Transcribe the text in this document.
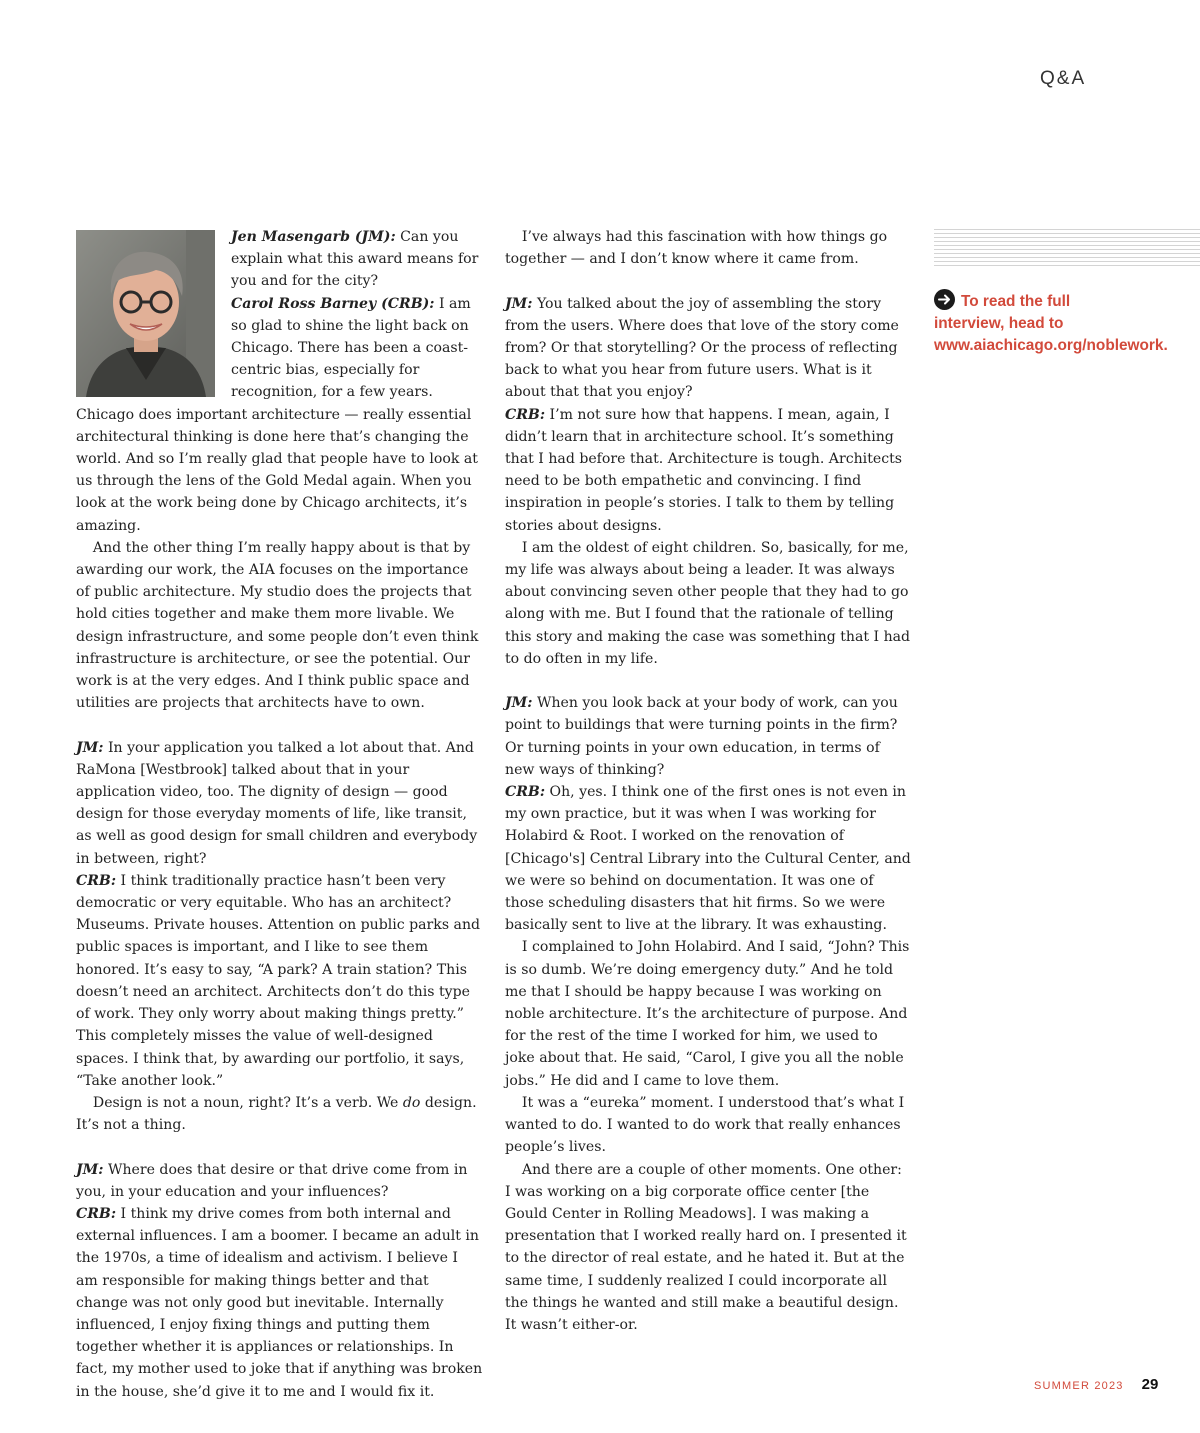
Q&A

Jen Masengarb (JM): Can you explain what this award means for you and for the city?
Carol Ross Barney (CRB): I am so glad to shine the light back on Chicago. There has been a coast-centric bias, especially for recognition, for a few years. Chicago does important architecture — really essential architectural thinking is done here that’s changing the world. And so I’m really glad that people have to look at us through the lens of the Gold Medal again. When you look at the work being done by Chicago architects, it’s amazing.

And the other thing I’m really happy about is that by awarding our work, the AIA focuses on the importance of public architecture. My studio does the projects that hold cities together and make them more livable. We design infrastructure, and some people don’t even think infrastructure is architecture, or see the potential. Our work is at the very edges. And I think public space and utilities are projects that architects have to own.

JM: In your application you talked a lot about that. And RaMona [Westbrook] talked about that in your application video, too. The dignity of design — good design for those everyday moments of life, like transit, as well as good design for small children and everybody in between, right?
CRB: I think traditionally practice hasn’t been very democratic or very equitable. Who has an architect? Museums. Private houses. Attention on public parks and public spaces is important, and I like to see them honored. It’s easy to say, “A park? A train station? This doesn’t need an architect. Architects don’t do this type of work. They only worry about making things pretty.” This completely misses the value of well-designed spaces. I think that, by awarding our portfolio, it says, “Take another look.”

Design is not a noun, right? It’s a verb. We do design. It’s not a thing.

JM: Where does that desire or that drive come from in you, in your education and your influences?
CRB: I think my drive comes from both internal and external influences. I am a boomer. I became an adult in the 1970s, a time of idealism and activism. I believe I am responsible for making things better and that change was not only good but inevitable. Internally influenced, I enjoy fixing things and putting them together whether it is appliances or relationships. In fact, my mother used to joke that if anything was broken in the house, she’d give it to me and I would fix it.

I’ve always had this fascination with how things go together — and I don’t know where it came from.

JM: You talked about the joy of assembling the story from the users. Where does that love of the story come from? Or that storytelling? Or the process of reflecting back to what you hear from future users. What is it about that that you enjoy?
CRB: I’m not sure how that happens. I mean, again, I didn’t learn that in architecture school. It’s something that I had before that. Architecture is tough. Architects need to be both empathetic and convincing. I find inspiration in people’s stories. I talk to them by telling stories about designs.

I am the oldest of eight children. So, basically, for me, my life was always about being a leader. It was always about convincing seven other people that they had to go along with me. But I found that the rationale of telling this story and making the case was something that I had to do often in my life.

JM: When you look back at your body of work, can you point to buildings that were turning points in the firm? Or turning points in your own education, in terms of new ways of thinking?
CRB: Oh, yes. I think one of the first ones is not even in my own practice, but it was when I was working for Holabird & Root. I worked on the renovation of [Chicago's] Central Library into the Cultural Center, and we were so behind on documentation. It was one of those scheduling disasters that hit firms. So we were basically sent to live at the library. It was exhausting.

I complained to John Holabird. And I said, “John? This is so dumb. We’re doing emergency duty.” And he told me that I should be happy because I was working on noble architecture. It’s the architecture of purpose. And for the rest of the time I worked for him, we used to joke about that. He said, “Carol, I give you all the noble jobs.” He did and I came to love them.

It was a “eureka” moment. I understood that’s what I wanted to do. I wanted to do work that really enhances people’s lives.

And there are a couple of other moments. One other: I was working on a big corporate office center [the Gould Center in Rolling Meadows]. I was making a presentation that I worked really hard on. I presented it to the director of real estate, and he hated it. But at the same time, I suddenly realized I could incorporate all the things he wanted and still make a beautiful design. It wasn’t either-or.

To read the full interview, head to www.aiachicago.org/noblework.
SUMMER 2023 29
